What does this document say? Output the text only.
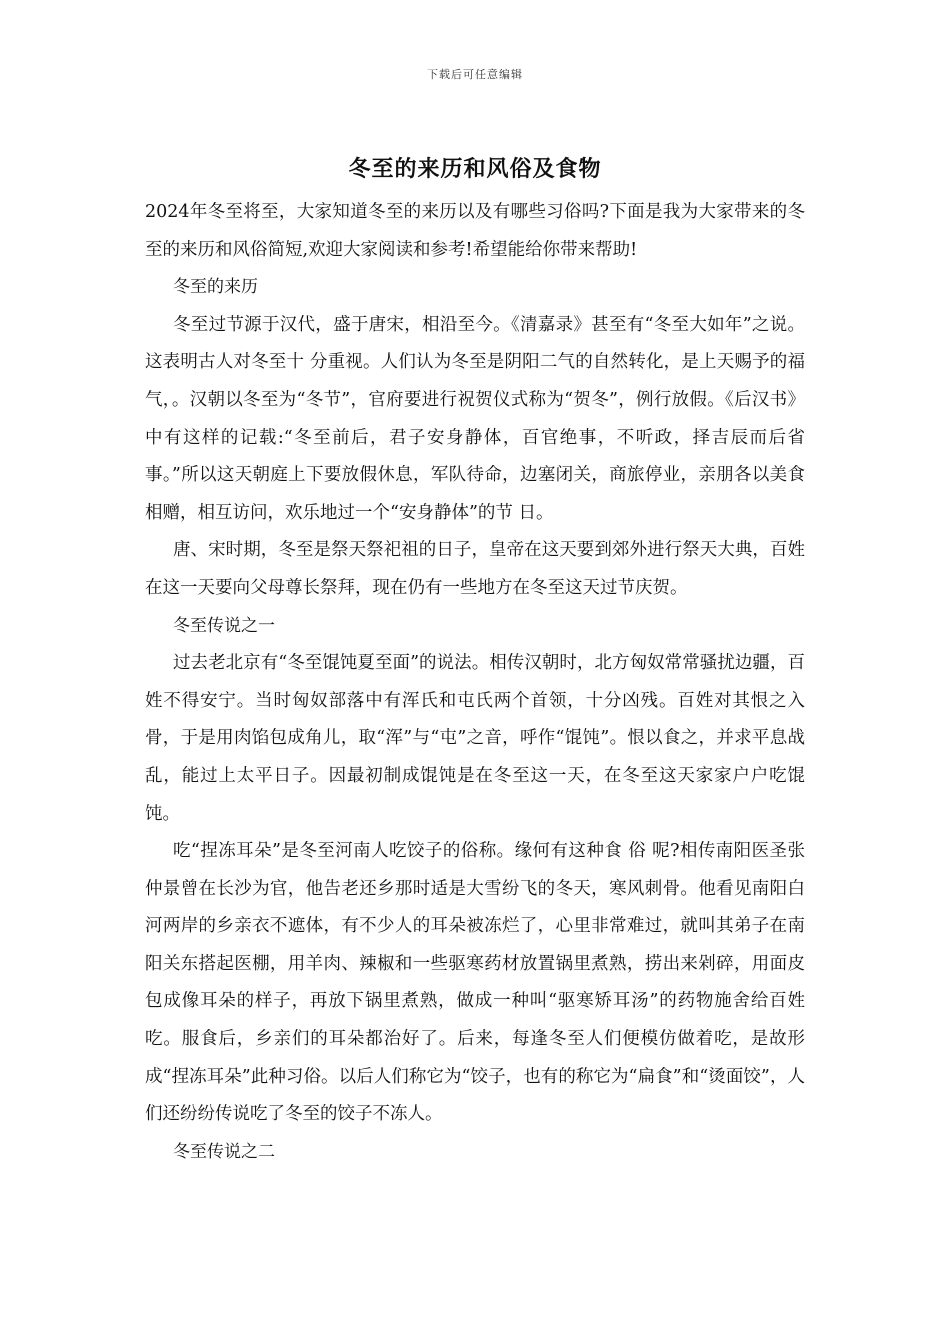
下载后可任意编辑
冬至的来历和风俗及食物

2024年冬至将至，大家知道冬至的来历以及有哪些习俗吗?下面是我为大家带来的冬至的来历和风俗简短,欢迎大家阅读和参考!希望能给你带来帮助!

冬至的来历

冬至过节源于汉代，盛于唐宋，相沿至今。《清嘉录》甚至有“冬至大如年”之说。这表明古人对冬至十 分重视。人们认为冬至是阴阳二气的自然转化，是上天赐予的福气，。汉朝以冬至为“冬节”，官府要进行祝贺仪式称为“贺冬”，例行放假。《后汉书》中有这样的记载:“冬至前后，君子安身静体，百官绝事，不听政，择吉辰而后省事。”所以这天朝庭上下要放假休息，军队待命，边塞闭关，商旅停业，亲朋各以美食相赠，相互访问，欢乐地过一个“安身静体”的节 日。

唐、宋时期，冬至是祭天祭祀祖的日子，皇帝在这天要到郊外进行祭天大典，百姓在这一天要向父母尊长祭拜，现在仍有一些地方在冬至这天过节庆贺。

冬至传说之一

过去老北京有“冬至馄饨夏至面”的说法。相传汉朝时，北方匈奴常常骚扰边疆，百姓不得安宁。当时匈奴部落中有浑氏和屯氏两个首领，十分凶残。百姓对其恨之入骨，于是用肉馅包成角儿，取“浑”与“屯”之音，呼作“馄饨”。恨以食之，并求平息战乱，能过上太平日子。因最初制成馄饨是在冬至这一天，在冬至这天家家户户吃馄饨。

吃“捏冻耳朵”是冬至河南人吃饺子的俗称。缘何有这种食 俗 呢?相传南阳医圣张仲景曾在长沙为官，他告老还乡那时适是大雪纷飞的冬天，寒风刺骨。他看见南阳白河两岸的乡亲衣不遮体，有不少人的耳朵被冻烂了，心里非常难过，就叫其弟子在南阳关东搭起医棚，用羊肉、辣椒和一些驱寒药材放置锅里煮熟，捞出来剁碎，用面皮包成像耳朵的样子，再放下锅里煮熟，做成一种叫“驱寒矫耳汤”的药物施舍给百姓吃。服食后，乡亲们的耳朵都治好了。后来，每逢冬至人们便模仿做着吃，是故形成“捏冻耳朵”此种习俗。以后人们称它为“饺子，也有的称它为“扁食”和“烫面饺”，人们还纷纷传说吃了冬至的饺子不冻人。

冬至传说之二
